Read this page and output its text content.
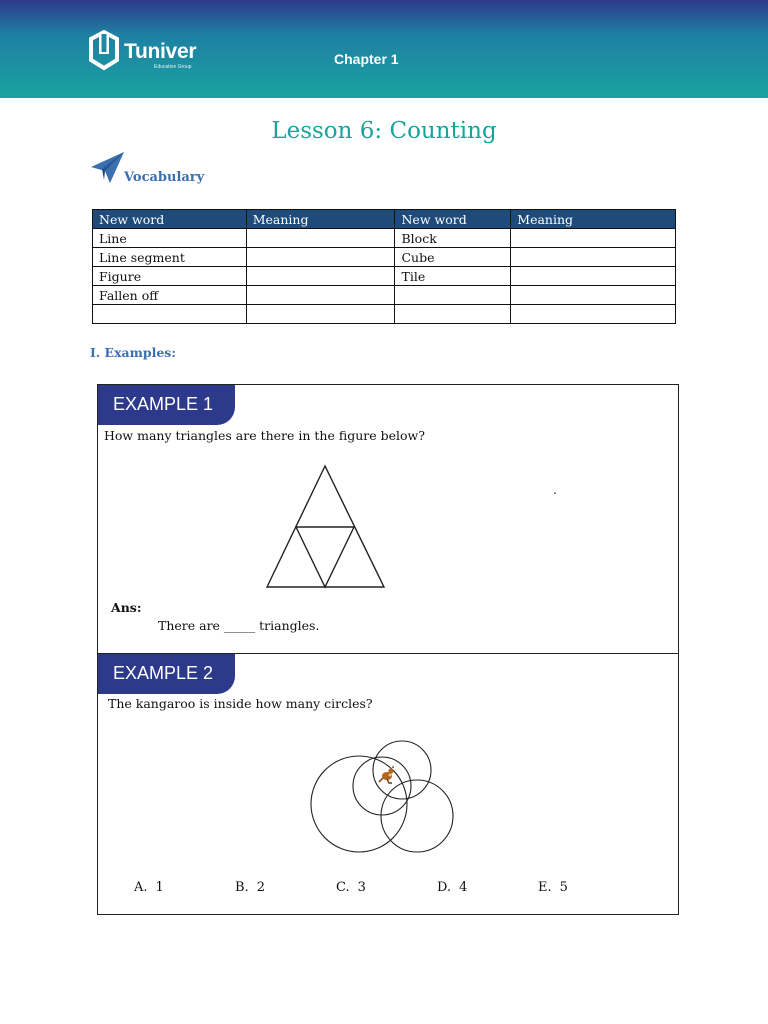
Tuniver
Education Group	Chapter 1
Lesson 6: Counting
Vocabulary
New word	Meaning	New word	Meaning
Line		Block	
Line segment		Cube	
Figure		Tile	
Fallen off			

I. Examples:
EXAMPLE 1
How many triangles are there in the figure below?
.
Ans:
There are _____ triangles.
EXAMPLE 2
The kangaroo is inside how many circles?
A. 1	B. 2	C. 3	D. 4	E. 5
